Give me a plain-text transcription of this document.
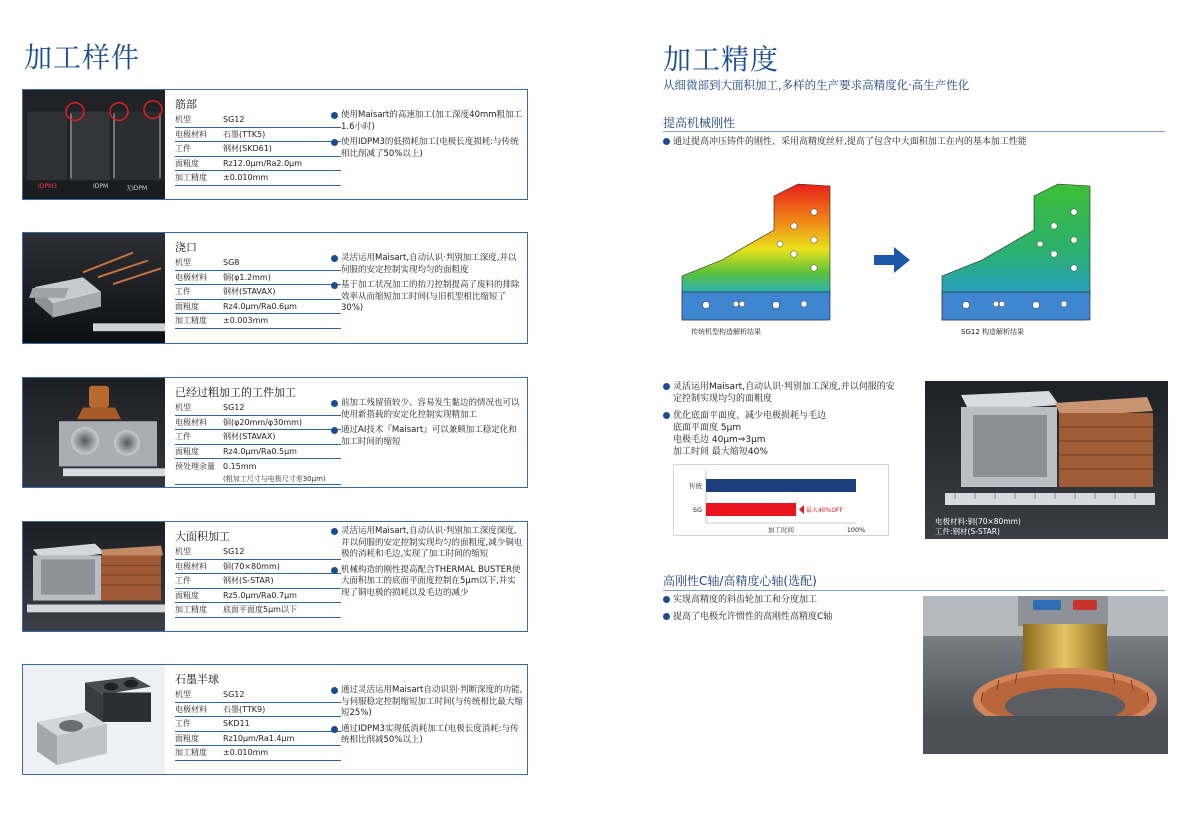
加工样件
IDPM3	IDPM	无IDPM
筋部
机型	SG12
电极材料	石墨(TTK5)
工件	钢材(SKD61)
面粗度	Rz12.0μm/Ra2.0μm
加工精度	±0.010mm
使用Maisart的高速加工(加工深度40mm粗加工 1.6小时)
使用IDPM3的低损耗加工(电极长度损耗:与传统相比削减了50%以上)
浇口
机型	SG8
电极材料	铜(φ1.2mm)
工件	钢材(STAVAX)
面粗度	Rz4.0μm/Ra0.6μm
加工精度	±0.003mm
灵活运用Maisart,自动认识·判别加工深度,并以伺服的安定控制实现均匀的面粗度
基于加工状况加工的抬刀控制提高了废料的排除效率从而缩短加工时间(与旧机型相比缩短了30%)
已经过粗加工的工件加工
机型	SG12
电极材料	铜(φ20mm/φ30mm)
工件	钢材(STAVAX)
面粗度	Rz4.0μm/Ra0.5μm
预处理余量	0.15mm
(粗加工尺寸与电极尺寸差30μm)
前加工残留值较少、容易发生黏边的情况也可以使用新搭载的安定化控制实现精加工
通过AI技术『Maisart』可以兼顾加工稳定化和加工时间的缩短
大面积加工
机型	SG12
电极材料	铜(70×80mm)
工件	钢材(S-STAR)
面粗度	Rz5.0μm/Ra0.7μm
加工精度	底面平面度5μm以下
灵活运用Maisart,自动认识·判别加工深度深度,并以伺服的安定控制实现均匀的面粗度,减少铜电极的消耗和毛边,实现了加工时间的缩短
机械构造的刚性提高配合THERMAL BUSTER使大面积加工的底面平面度控制在5μm以下,并实现了铜电极的损耗以及毛边的减少
石墨半球
机型	SG12
电极材料	石墨(TTK9)
工件	SKD11
面粗度	Rz10μm/Ra1.4μm
加工精度	±0.010mm
通过灵活运用Maisart自动识别·判断深度的功能,与伺服稳定控制缩短加工时间(与传统相比最大缩短25%)
通过IDPM3实现低消耗加工(电极长度消耗:与传统相比削减50%以上)
加工精度
从细微部到大面积加工,多样的生产要求高精度化·高生产性化
提高机械刚性
通过提高冲压铸件的刚性、采用高精度丝杆,提高了包含中大面积加工在内的基本加工性能
传统机型构造解析结果	SG12 构造解析结果
灵活运用Maisart,自动认识·判别加工深度,并以伺服的安定控制实现均匀的面粗度
优化底面平面度、减少电极损耗与毛边
底面平面度 5μm
电极毛边 40μm⇒3μm
加工时间 最大缩短40%
传统
SG	最大40%OFF
加工时间	100%
电极材料:铜(70×80mm)
工件:钢材(S-STAR)
高刚性C轴/高精度心轴(选配)
实现高精度的斜齿轮加工和分度加工
提高了电极允许惯性的高刚性高精度C轴
